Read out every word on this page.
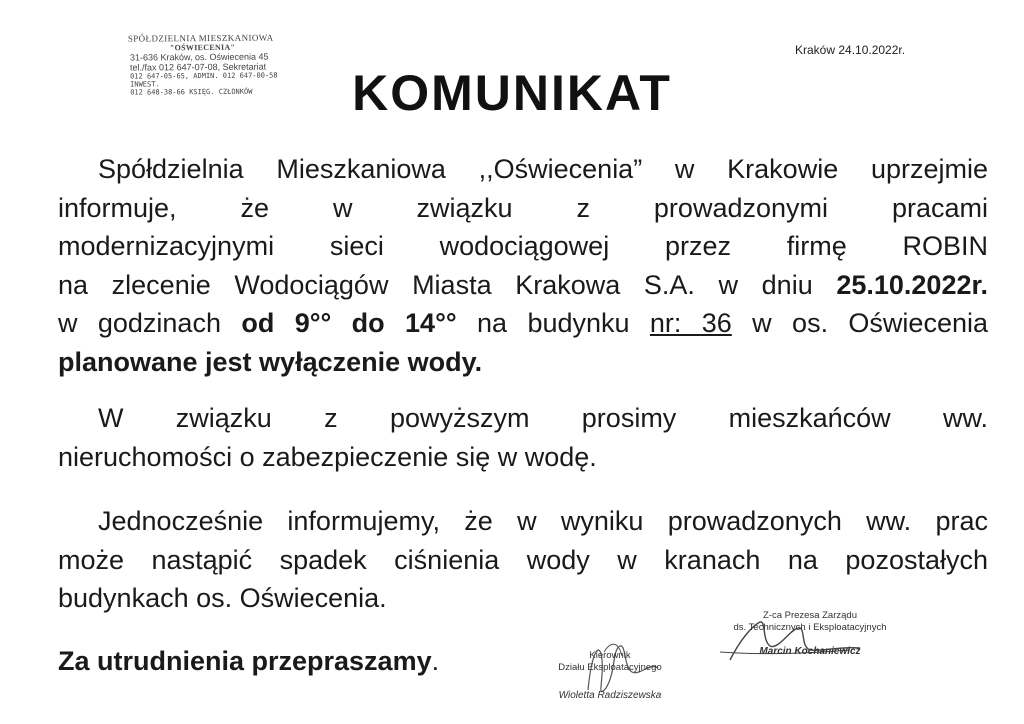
SPÓŁDZIELNIA MIESZKANIOWA
"OŚWIECENIA"
31-636 Kraków, os. Oświecenia 45
tel./fax 012 647-07-08, Sekretariat
012 647-05-65, ADMIN. 012 647-00-58 INWEST.
012 648-38-66 KSIĘG. CZŁONKÓW
Kraków 24.10.2022r.
KOMUNIKAT

Spółdzielnia Mieszkaniowa ,,Oświecenia” w Krakowie uprzejmie
informuje, że w związku z prowadzonymi pracami
modernizacyjnymi sieci wodociągowej przez firmę ROBIN
na zlecenie Wodociągów Miasta Krakowa S.A. w dniu 25.10.2022r.
w godzinach od 9°° do 14°° na budynku nr: 36 w os. Oświecenia
planowane jest wyłączenie wody.

W związku z powyższym prosimy mieszkańców ww.
nieruchomości o zabezpieczenie się w wodę.

Jednocześnie informujemy, że w wyniku prowadzonych ww. prac
może nastąpić spadek ciśnienia wody w kranach na pozostałych
budynkach os. Oświecenia.

Za utrudnienia przepraszamy.	Kierownik
Działu Eksploatacyjnego
Wioletta Radziszewska
Z-ca Prezesa Zarządu
ds. Technicznych i Eksploatacyjnych
Marcin Kochaniewicz
